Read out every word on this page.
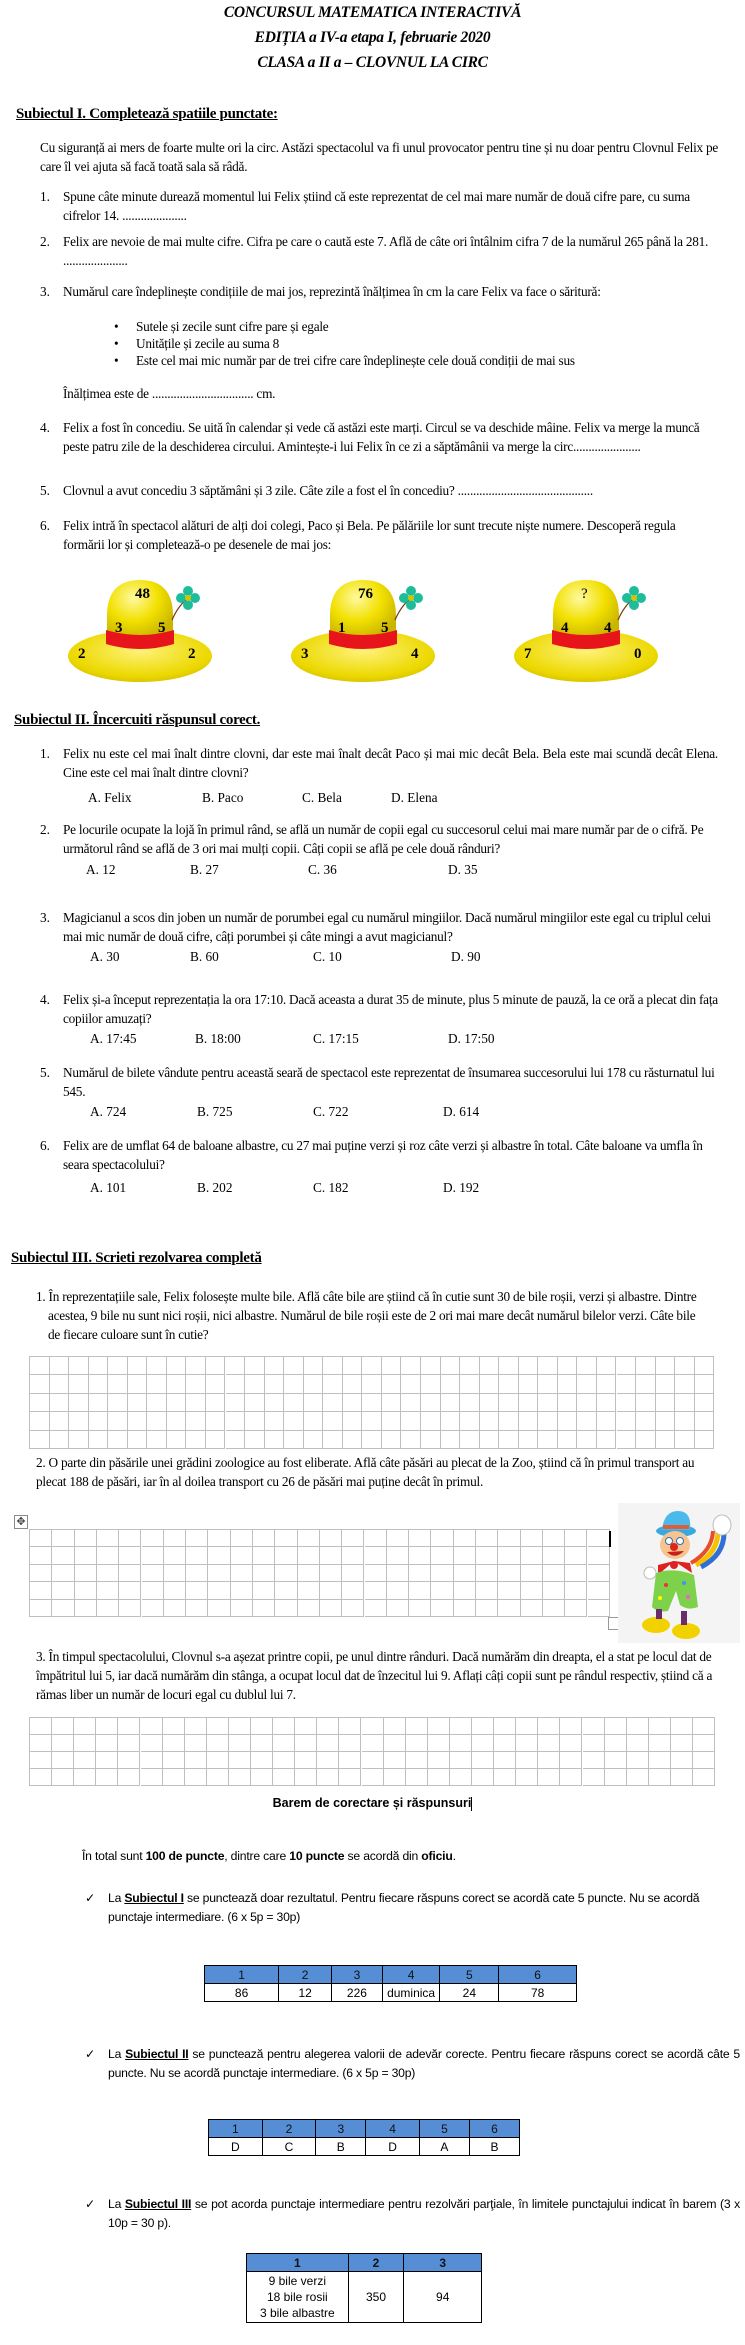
CONCURSUL MATEMATICA INTERACTIVĂ
EDIȚIA a IV-a etapa I, februarie 2020
CLASA a II a – CLOVNUL LA CIRC
Subiectul I. Completează spatiile punctate:
Cu siguranță ai mers de foarte multe ori la circ. Astăzi spectacolul va fi unul provocator pentru tine și nu doar pentru Clovnul Felix pe care îl vei ajuta să facă toată sala să râdă.
1. Spune câte minute durează momentul lui Felix știind că este reprezentat de cel mai mare număr de două cifre pare, cu suma cifrelor 14. .....................
2. Felix are nevoie de mai multe cifre. Cifra pe care o caută este 7. Află de câte ori întâlnim cifra 7 de la numărul 265 până la 281. .....................
3. Numărul care îndeplinește condițiile de mai jos, reprezintă înălțimea în cm la care Felix va face o săritură:
• Sutele și zecile sunt cifre pare și egale
• Unitățile și zecile au suma 8
• Este cel mai mic număr par de trei cifre care îndeplinește cele două condiții de mai sus
Înălțimea este de ................................. cm.
4. Felix a fost în concediu. Se uită în calendar și vede că astăzi este marți. Circul se va deschide mâine. Felix va merge la muncă peste patru zile de la deschiderea circului. Amintește-i lui Felix în ce zi a săptămânii va merge la circ......................
5. Clovnul a avut concediu 3 săptămâni și 3 zile. Câte zile a fost el în concediu? ............................................
6. Felix intră în spectacol alături de alți doi colegi, Paco și Bela. Pe pălăriile lor sunt trecute niște numere. Descoperă regula formării lor și completează-o pe desenele de mai jos:
48
3 5
2	2
76
1 5
3	4
?
4 4
7	0
Subiectul II. Încercuiti răspunsul corect.
1. Felix nu este cel mai înalt dintre clovni, dar este mai înalt decât Paco și mai mic decât Bela. Bela este mai scundă decât Elena. Cine este cel mai înalt dintre clovni?
A. Felix	B. Paco	C. Bela	D. Elena
2. Pe locurile ocupate la lojă în primul rând, se află un număr de copii egal cu succesorul celui mai mare număr par de o cifră. Pe următorul rând se află de 3 ori mai mulți copii. Câți copii se află pe cele două rânduri?
A. 12	B. 27	C. 36	D. 35
3. Magicianul a scos din joben un număr de porumbei egal cu numărul mingiilor. Dacă numărul mingiilor este egal cu triplul celui mai mic număr de două cifre, câți porumbei și câte mingi a avut magicianul?
A. 30	B. 60	C. 10	D. 90
4. Felix și-a început reprezentația la ora 17:10. Dacă aceasta a durat 35 de minute, plus 5 minute de pauză, la ce oră a plecat din fața copiilor amuzați?
A. 17:45	B. 18:00	C. 17:15	D. 17:50
5. Numărul de bilete vândute pentru această seară de spectacol este reprezentat de însumarea succesorului lui 178 cu răsturnatul lui 545.
A. 724	B. 725	C. 722	D. 614
6. Felix are de umflat 64 de baloane albastre, cu 27 mai puține verzi și roz câte verzi și albastre în total. Câte baloane va umfla în seara spectacolului?
A. 101	B. 202	C. 182	D. 192
Subiectul III. Scrieti rezolvarea completă
1. În reprezentațiile sale, Felix folosește multe bile. Află câte bile are știind că în cutie sunt 30 de bile roșii, verzi și albastre. Dintre acestea, 9 bile nu sunt nici roșii, nici albastre. Numărul de bile roșii este de 2 ori mai mare decât numărul bilelor verzi. Câte bile de fiecare culoare sunt în cutie?
2. O parte din păsările unei grădini zoologice au fost eliberate. Află câte păsări au plecat de la Zoo, știind că în primul transport au plecat 188 de păsări, iar în al doilea transport cu 26 de păsări mai puține decât în primul.
✥
3. În timpul spectacolului, Clovnul s-a așezat printre copii, pe unul dintre rânduri. Dacă numărăm din dreapta, el a stat pe locul dat de împătritul lui 5, iar dacă numărăm din stânga, a ocupat locul dat de înzecitul lui 9. Aflați câți copii sunt pe rândul respectiv, știind că a rămas liber un număr de locuri egal cu dublul lui 7.
Barem de corectare și răspunsuri
În total sunt 100 de puncte, dintre care 10 puncte se acordă din oficiu.
✓ La Subiectul I se punctează doar rezultatul. Pentru fiecare răspuns corect se acordă cate 5 puncte. Nu se acordă punctaje intermediare. (6 x 5p = 30p)
1	2	3	4	5	6
86	12	226	duminica	24	78
✓ La Subiectul II se punctează pentru alegerea valorii de adevăr corecte. Pentru fiecare răspuns corect se acordă câte 5 puncte. Nu se acordă punctaje intermediare. (6 x 5p = 30p)
1	2	3	4	5	6
D	C	B	D	A	B
✓ La Subiectul III se pot acorda punctaje intermediare pentru rezolvări parţiale, în limitele punctajului indicat în barem (3 x 10p = 30 p).
1	2	3

9 bile verzi
18 bile rosii
3 bile albastre	350	94
